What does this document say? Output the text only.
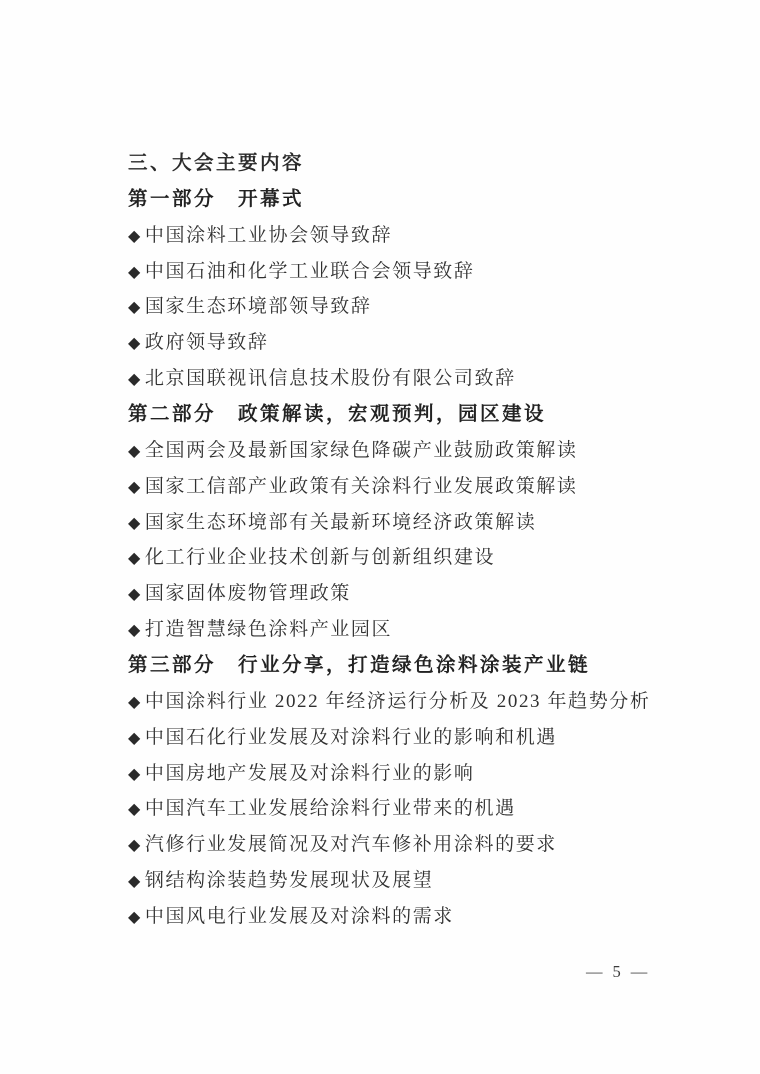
三、大会主要内容
第一部分　开幕式
◆ 中国涂料工业协会领导致辞
◆ 中国石油和化学工业联合会领导致辞
◆ 国家生态环境部领导致辞
◆ 政府领导致辞
◆ 北京国联视讯信息技术股份有限公司致辞
第二部分　政策解读，宏观预判，园区建设
◆ 全国两会及最新国家绿色降碳产业鼓励政策解读
◆ 国家工信部产业政策有关涂料行业发展政策解读
◆ 国家生态环境部有关最新环境经济政策解读
◆ 化工行业企业技术创新与创新组织建设
◆ 国家固体废物管理政策
◆ 打造智慧绿色涂料产业园区
第三部分　行业分享，打造绿色涂料涂装产业链
◆ 中国涂料行业 2022 年经济运行分析及 2023 年趋势分析
◆ 中国石化行业发展及对涂料行业的影响和机遇
◆ 中国房地产发展及对涂料行业的影响
◆ 中国汽车工业发展给涂料行业带来的机遇
◆ 汽修行业发展简况及对汽车修补用涂料的要求
◆ 钢结构涂装趋势发展现状及展望
◆ 中国风电行业发展及对涂料的需求
— 5 —
